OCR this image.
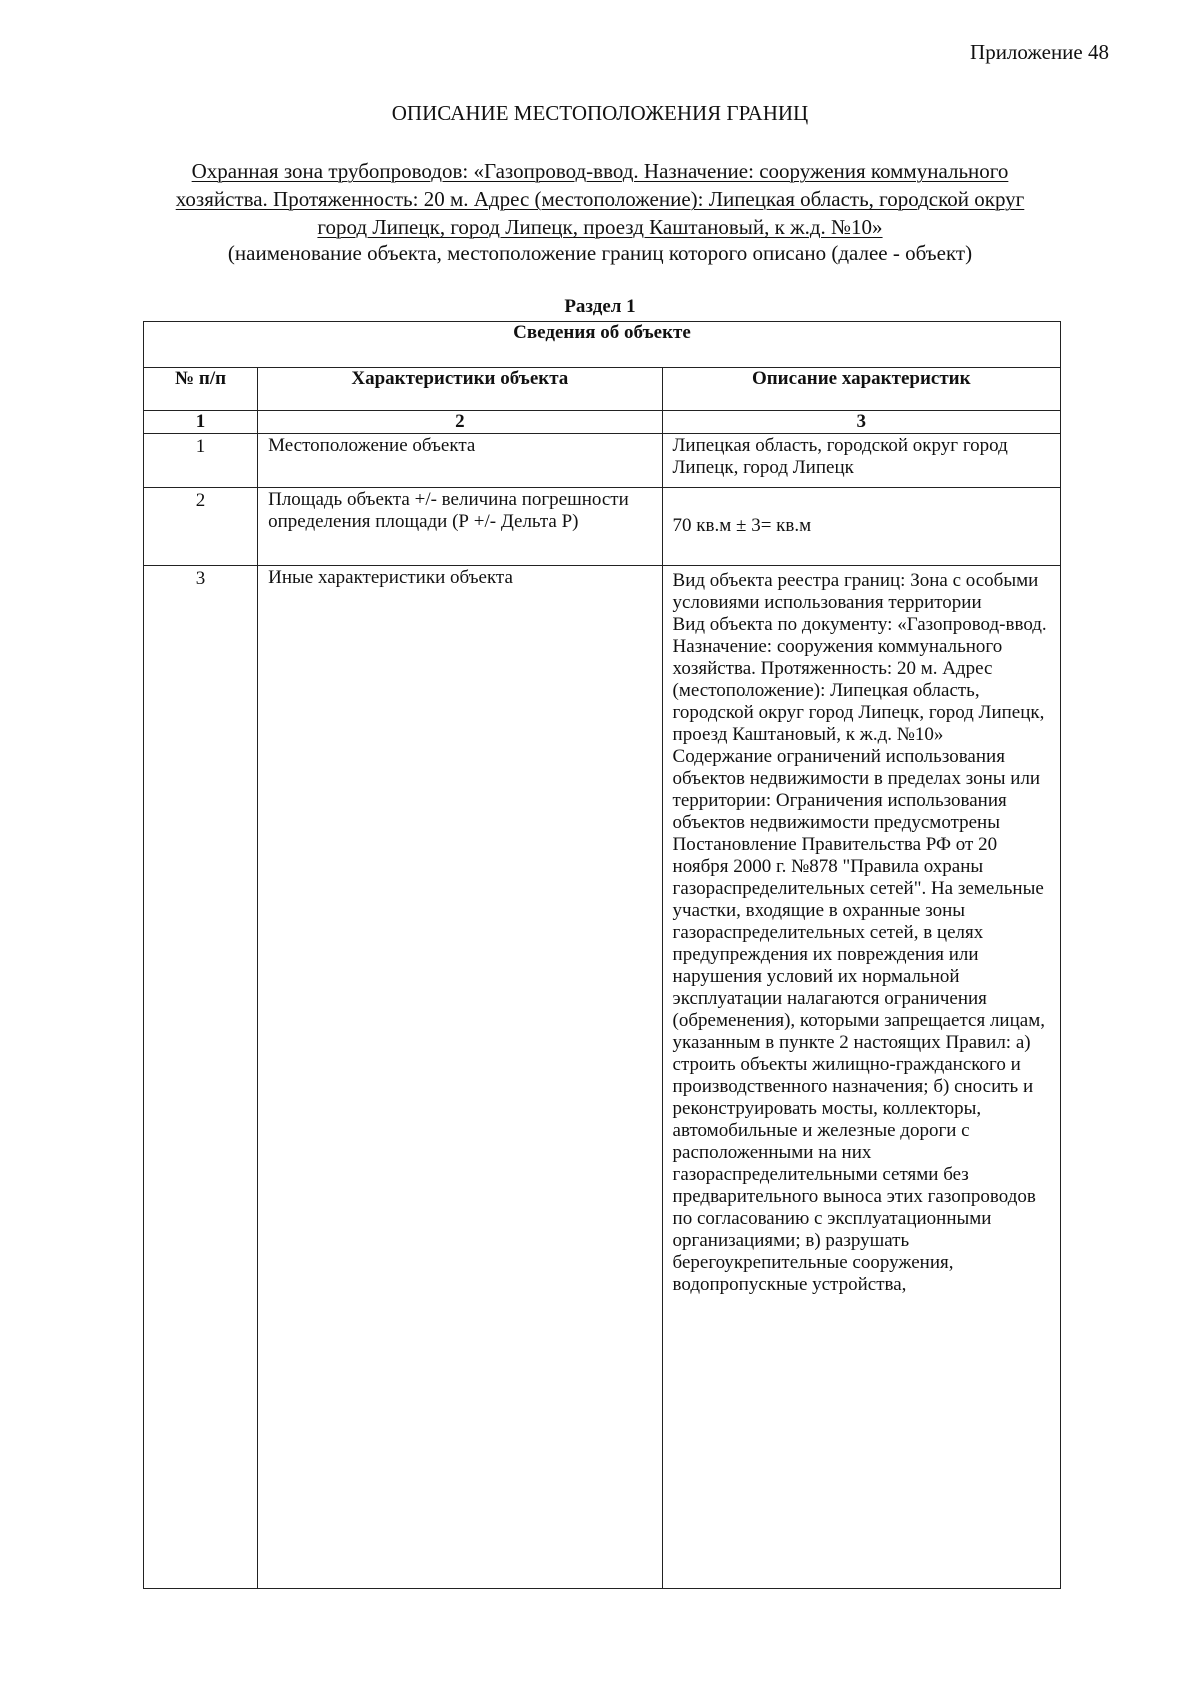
Приложение 48
ОПИСАНИЕ МЕСТОПОЛОЖЕНИЯ ГРАНИЦ
Охранная зона трубопроводов: «Газопровод-ввод. Назначение: сооружения коммунального
хозяйства. Протяженность: 20 м. Адрес (местоположение): Липецкая область, городской округ
город Липецк, город Липецк, проезд Каштановый, к ж.д. №10»
(наименование объекта, местоположение границ которого описано (далее - объект)
Раздел 1
Сведения об объекте		
№ п/п	Характеристики объекта	Описание характеристик
1	2	3
1	Местоположение объекта	Липецкая область, городской округ город Липецк, город Липецк
2	Площадь объекта +/- величина погрешности определения площади (Р +/- Дельта Р)	70 кв.м ± 3= кв.м
3	Иные характеристики объекта	Вид объекта реестра границ: Зона с особыми условиями использования территории
Вид объекта по документу: «Газопровод-ввод. Назначение: сооружения коммунального хозяйства. Протяженность: 20 м. Адрес (местоположение): Липецкая область, городской округ город Липецк, город Липецк, проезд Каштановый, к ж.д. №10»
Содержание ограничений использования объектов недвижимости в пределах зоны или территории: Ограничения использования объектов недвижимости предусмотрены Постановление Правительства РФ от 20 ноября 2000 г. №878 "Правила охраны газораспределительных сетей". На земельные участки, входящие в охранные зоны газораспределительных сетей, в целях предупреждения их повреждения или нарушения условий их нормальной эксплуатации налагаются ограничения (обременения), которыми запрещается лицам, указанным в пункте 2 настоящих Правил: а) строить объекты жилищно-гражданского и производственного назначения; б) сносить и реконструировать мосты, коллекторы, автомобильные и железные дороги с расположенными на них газораспределительными сетями без предварительного выноса этих газопроводов по согласованию с эксплуатационными организациями; в) разрушать берегоукрепительные сооружения, водопропускные устройства,
